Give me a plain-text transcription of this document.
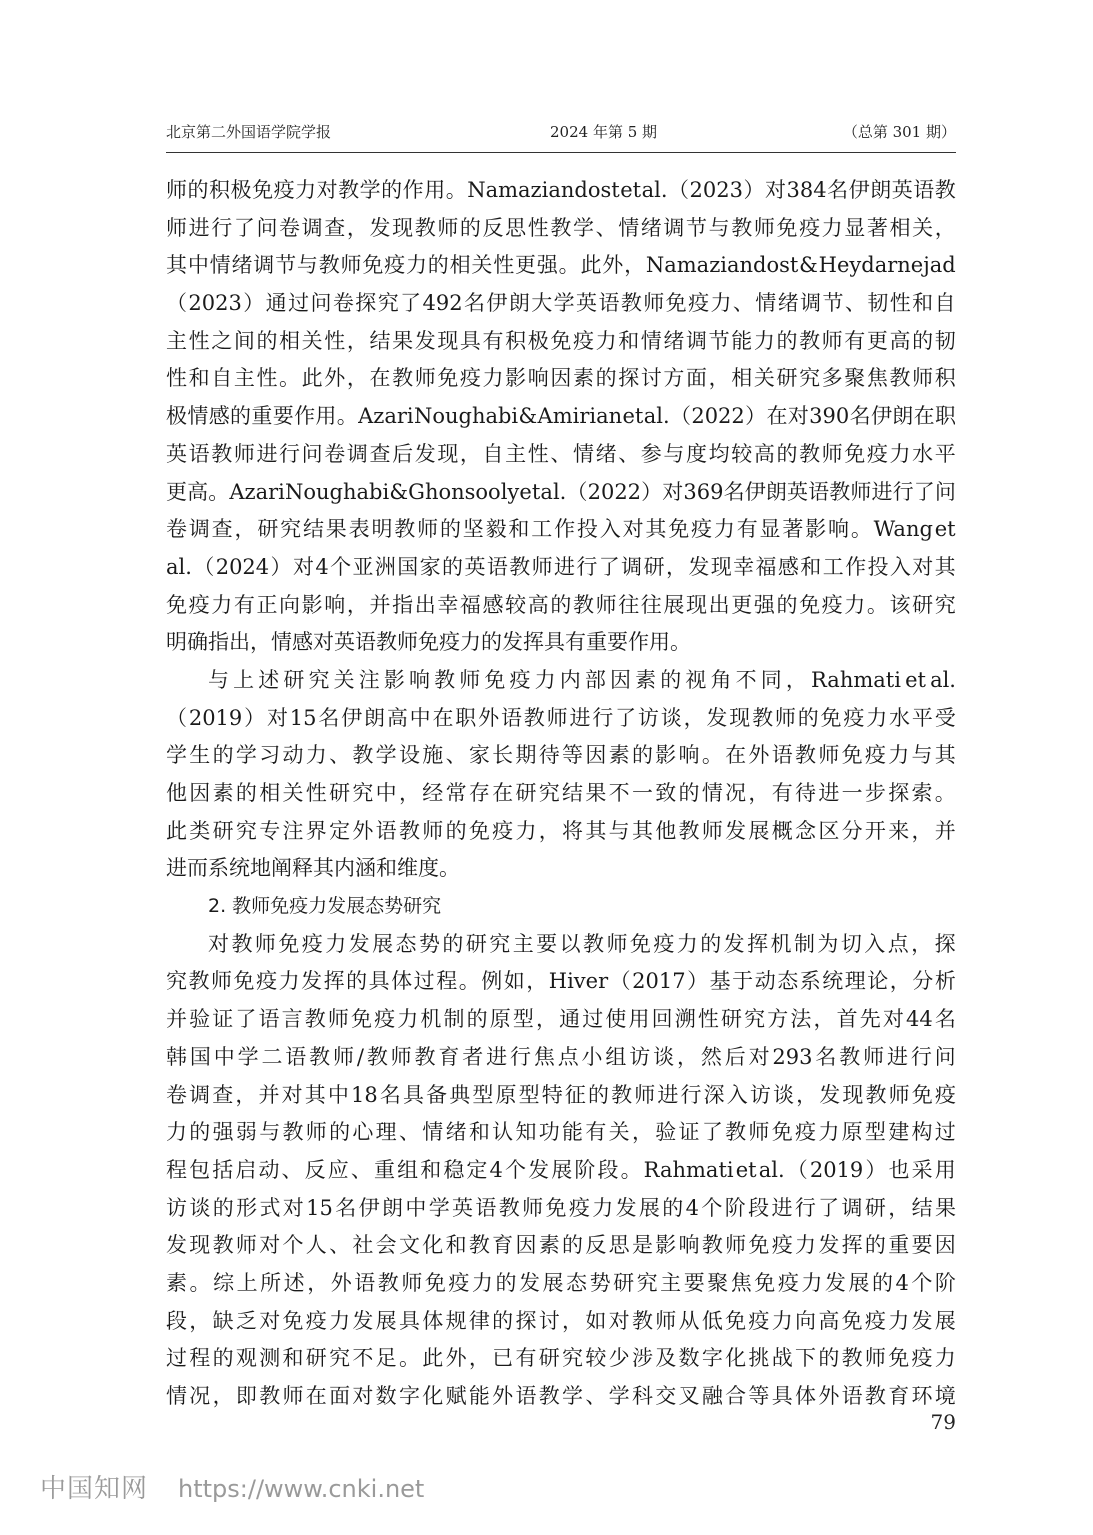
北京第二外国语学院学报	2024 年第 5 期	（总第 301 期）
师 的 积 极 免 疫 力 对 教 学 的 作 用 。 Namaziandost et al. （ 2023 ） 对 384 名 伊 朗 英 语 教
师 进 行 了 问 卷 调 查 ， 发 现 教 师 的 反 思 性 教 学 、 情 绪 调 节 与 教 师 免 疫 力 显 著 相 关 ，
其 中 情 绪 调 节 与 教 师 免 疫 力 的 相 关 性 更 强 。 此 外 ， Namaziandost & Heydarnejad
（ 2023 ） 通 过 问 卷 探 究 了 492 名 伊 朗 大 学 英 语 教 师 免 疫 力 、 情 绪 调 节 、 韧 性 和 自
主 性 之 间 的 相 关 性 ， 结 果 发 现 具 有 积 极 免 疫 力 和 情 绪 调 节 能 力 的 教 师 有 更 高 的 韧
性 和 自 主 性 。 此 外 ， 在 教 师 免 疫 力 影 响 因 素 的 探 讨 方 面 ， 相 关 研 究 多 聚 焦 教 师 积
极 情 感 的 重 要 作 用 。 Azari Noughabi & Amirian et al. （ 2022 ） 在 对 390 名 伊 朗 在 职
英 语 教 师 进 行 问 卷 调 查 后 发 现 ， 自 主 性 、 情 绪 、 参 与 度 均 较 高 的 教 师 免 疫 力 水 平
更 高 。 Azari Noughabi & Ghonsooly et al. （ 2022 ） 对 369 名 伊 朗 英 语 教 师 进 行 了 问
卷 调 查 ， 研 究 结 果 表 明 教 师 的 坚 毅 和 工 作 投 入 对 其 免 疫 力 有 显 著 影 响 。 Wang et
al. （ 2024 ） 对 4 个 亚 洲 国 家 的 英 语 教 师 进 行 了 调 研 ， 发 现 幸 福 感 和 工 作 投 入 对 其
免 疫 力 有 正 向 影 响 ， 并 指 出 幸 福 感 较 高 的 教 师 往 往 展 现 出 更 强 的 免 疫 力 。 该 研 究
明确指出，情感对英语教师免疫力的发挥具有重要作用。
与 上 述 研 究 关 注 影 响 教 师 免 疫 力 内 部 因 素 的 视 角 不 同 ， Rahmati et al.
（ 2019 ） 对 15 名 伊 朗 高 中 在 职 外 语 教 师 进 行 了 访 谈 ， 发 现 教 师 的 免 疫 力 水 平 受
学 生 的 学 习 动 力 、 教 学 设 施 、 家 长 期 待 等 因 素 的 影 响 。 在 外 语 教 师 免 疫 力 与 其
他 因 素 的 相 关 性 研 究 中 ， 经 常 存 在 研 究 结 果 不 一 致 的 情 况 ， 有 待 进 一 步 探 索 。
此 类 研 究 专 注 界 定 外 语 教 师 的 免 疫 力 ， 将 其 与 其 他 教 师 发 展 概 念 区 分 开 来 ， 并
进而系统地阐释其内涵和维度。
2. 教师免疫力发展态势研究
对 教 师 免 疫 力 发 展 态 势 的 研 究 主 要 以 教 师 免 疫 力 的 发 挥 机 制 为 切 入 点 ， 探
究 教 师 免 疫 力 发 挥 的 具 体 过 程 。 例 如 ， Hiver （ 2017 ） 基 于 动 态 系 统 理 论 ， 分 析
并 验 证 了 语 言 教 师 免 疫 力 机 制 的 原 型 ， 通 过 使 用 回 溯 性 研 究 方 法 ， 首 先 对 44 名
韩 国 中 学 二 语 教 师 / 教 师 教 育 者 进 行 焦 点 小 组 访 谈 ， 然 后 对 293 名 教 师 进 行 问
卷 调 查 ， 并 对 其 中 18 名 具 备 典 型 原 型 特 征 的 教 师 进 行 深 入 访 谈 ， 发 现 教 师 免 疫
力 的 强 弱 与 教 师 的 心 理 、 情 绪 和 认 知 功 能 有 关 ， 验 证 了 教 师 免 疫 力 原 型 建 构 过
程 包 括 启 动 、 反 应 、 重 组 和 稳 定 4 个 发 展 阶 段 。 Rahmati et al. （ 2019 ） 也 采 用
访 谈 的 形 式 对 15 名 伊 朗 中 学 英 语 教 师 免 疫 力 发 展 的 4 个 阶 段 进 行 了 调 研 ， 结 果
发 现 教 师 对 个 人 、 社 会 文 化 和 教 育 因 素 的 反 思 是 影 响 教 师 免 疫 力 发 挥 的 重 要 因
素 。 综 上 所 述 ， 外 语 教 师 免 疫 力 的 发 展 态 势 研 究 主 要 聚 焦 免 疫 力 发 展 的 4 个 阶
段 ， 缺 乏 对 免 疫 力 发 展 具 体 规 律 的 探 讨 ， 如 对 教 师 从 低 免 疫 力 向 高 免 疫 力 发 展
过 程 的 观 测 和 研 究 不 足 。 此 外 ， 已 有 研 究 较 少 涉 及 数 字 化 挑 战 下 的 教 师 免 疫 力
情 况 ， 即 教 师 在 面 对 数 字 化 赋 能 外 语 教 学 、 学 科 交 叉 融 合 等 具 体 外 语 教 育 环 境
79
中国知网 https://www.cnki.net
